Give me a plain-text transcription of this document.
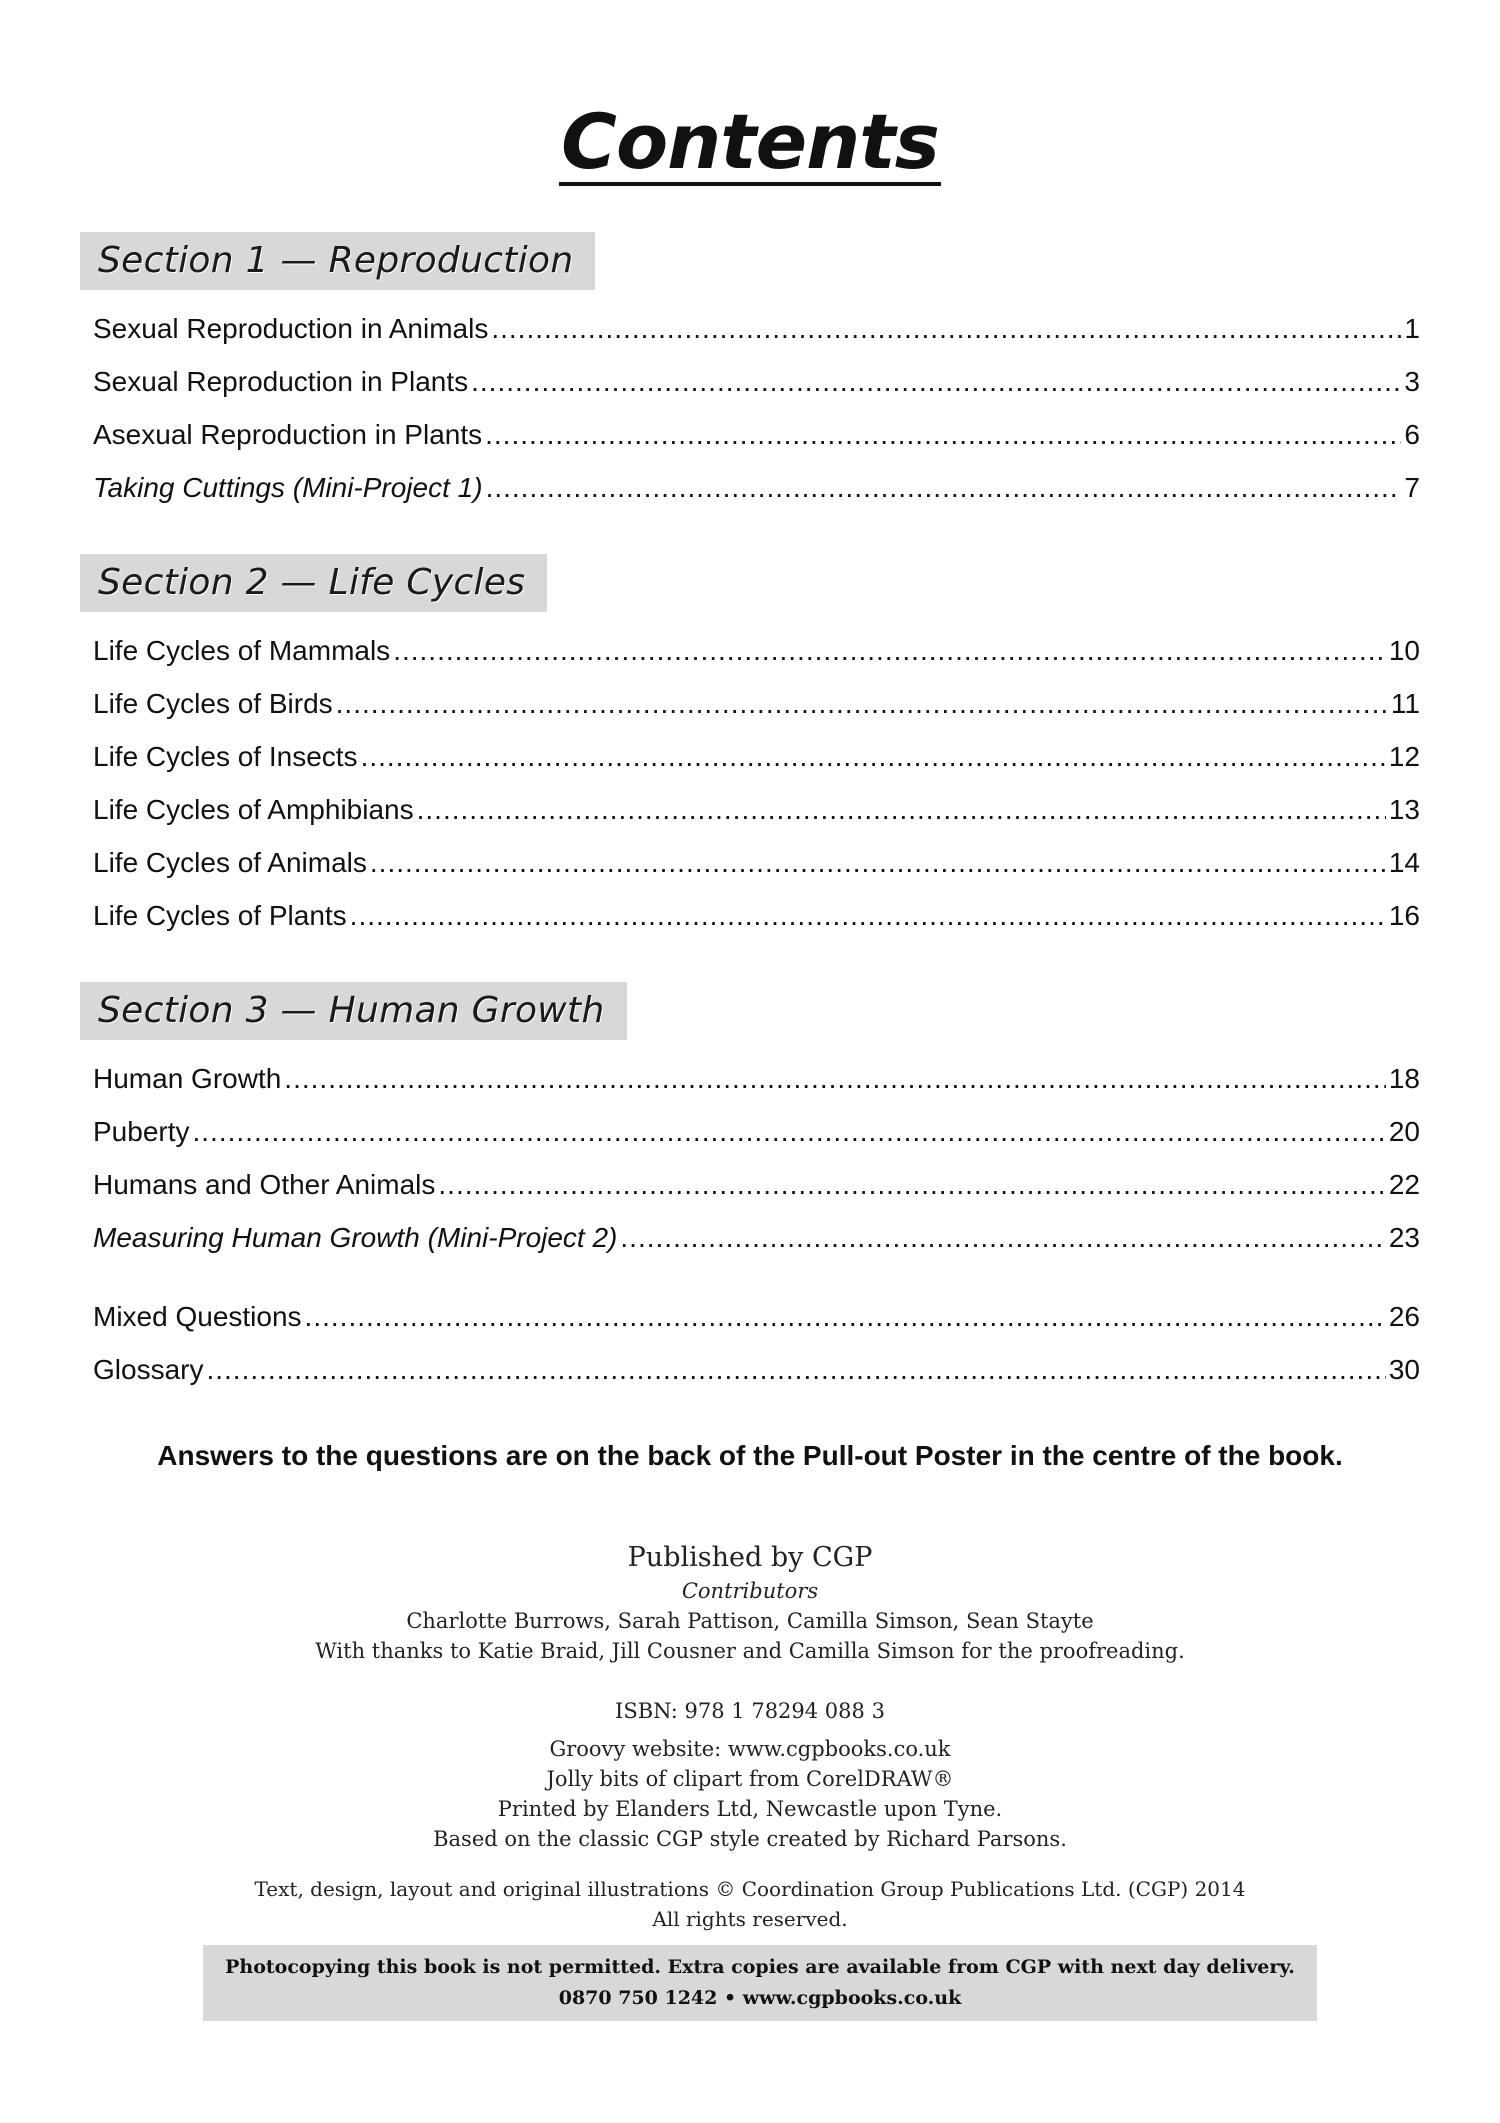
Contents
Section 1 — Reproduction
Sexual Reproduction in Animals .....	1
Sexual Reproduction in Plants .....	3
Asexual Reproduction in Plants .....	6
Taking Cuttings (Mini-Project 1) .....	7
Section 2 — Life Cycles
Life Cycles of Mammals .....	10
Life Cycles of Birds .....	11
Life Cycles of Insects .....	12
Life Cycles of Amphibians .....	13
Life Cycles of Animals .....	14
Life Cycles of Plants .....	16
Section 3 — Human Growth
Human Growth .....	18
Puberty .....	20
Humans and Other Animals .....	22
Measuring Human Growth (Mini-Project 2) .....	23
Mixed Questions .....	26
Glossary .....	30
Answers to the questions are on the back of the Pull-out Poster in the centre of the book.
Published by CGP
Contributors
Charlotte Burrows, Sarah Pattison, Camilla Simson, Sean Stayte
With thanks to Katie Braid, Jill Cousner and Camilla Simson for the proofreading.
ISBN: 978 1 78294 088 3
Groovy website: www.cgpbooks.co.uk
Jolly bits of clipart from CorelDRAW®
Printed by Elanders Ltd, Newcastle upon Tyne.
Based on the classic CGP style created by Richard Parsons.
Text, design, layout and original illustrations © Coordination Group Publications Ltd. (CGP) 2014
All rights reserved.
Photocopying this book is not permitted. Extra copies are available from CGP with next day delivery.
0870 750 1242 • www.cgpbooks.co.uk
